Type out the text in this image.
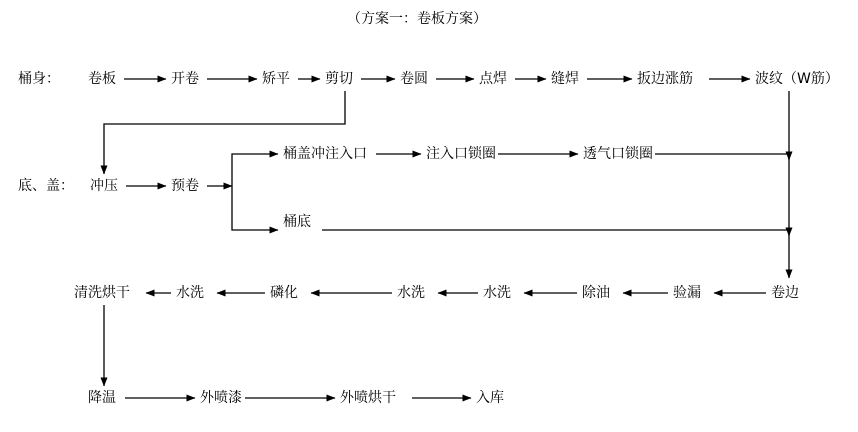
（方案一：卷板方案）
桶身：
底、盖：
卷板	开卷	矫平	剪切	卷圆	点焊	缝焊	扳边涨筋	波纹（W筋）
冲压	预卷
桶盖冲注入口	注入口锁圈	透气口锁圈
桶底
卷边
验漏
除油
水洗
水洗
磷化
水洗
清洗烘干
降温	外喷漆	外喷烘干	入库
